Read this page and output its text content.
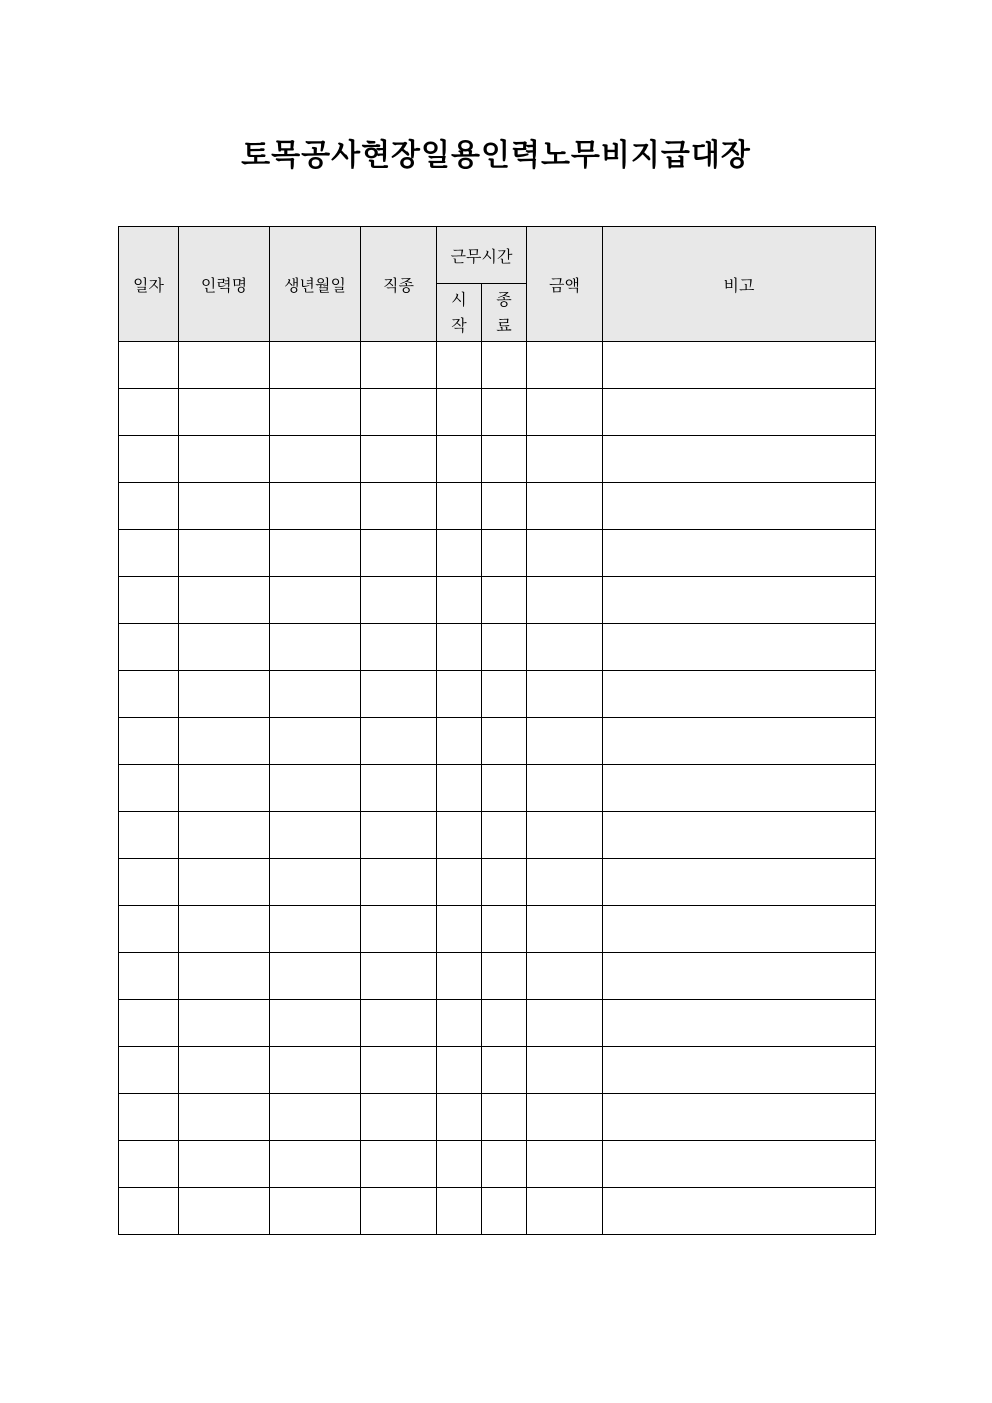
토목공사현장일용인력노무비지급대장
일자	인력명	생년월일	직종	근무시간		금액	비고
				시작	종료		
